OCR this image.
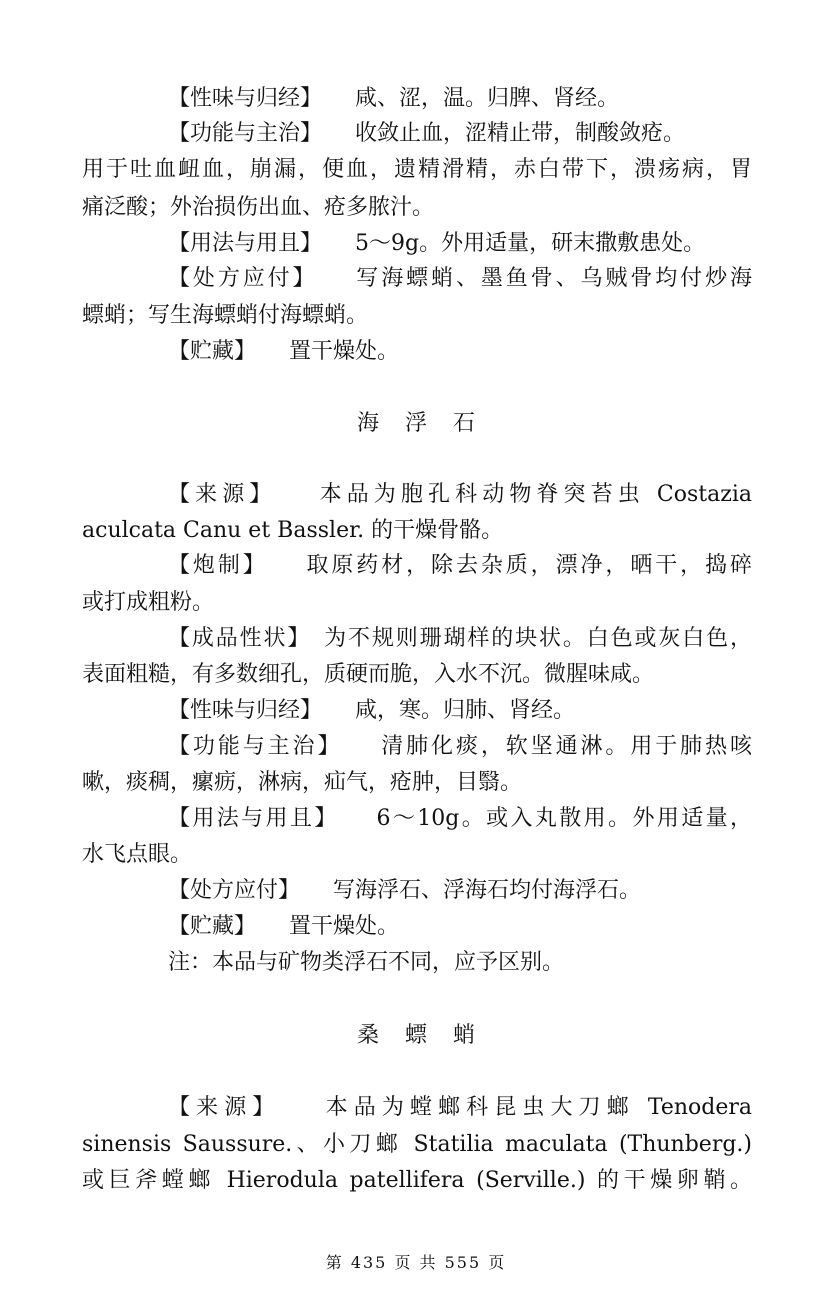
【性味与归经】　　咸、涩，温。归脾、肾经。
【功能与主治】　　收敛止血，涩精止带，制酸敛疮。
用于吐血衄血，崩漏，便血，遗精滑精，赤白带下，溃疡病，胃
痛泛酸；外治损伤出血、疮多脓汁。
【用法与用且】　　5～9g。外用适量，研末撒敷患处。
【处方应付】　　写海螵蛸、墨鱼骨、乌贼骨均付炒海
螵蛸；写生海螵蛸付海螵蛸。
【贮藏】　　置干燥处。
【来源】　　本品为胞孔科动物脊突苔虫 Costazia
aculcata Canu et Bassler. 的干燥骨骼。
【炮制】　　取原药材，除去杂质，漂净，晒干，捣碎
或打成粗粉。
【成品性状】　为不规则珊瑚样的块状。白色或灰白色，
表面粗糙，有多数细孔，质硬而脆，入水不沉。微腥味咸。
【性味与归经】　　咸，寒。归肺、肾经。
【功能与主治】　　清肺化痰，软坚通淋。用于肺热咳
嗽，痰稠，瘰疬，淋病，疝气，疮肿，目翳。
【用法与用且】　　6～10g。或入丸散用。外用适量，
水飞点眼。
【处方应付】　　写海浮石、浮海石均付海浮石。
【贮藏】　　置干燥处。
注：本品与矿物类浮石不同，应予区别。
【来源】　　本品为螳螂科昆虫大刀螂 Tenodera
sinensis Saussure.、小刀螂 Statilia maculata (Thunberg.)
或巨斧螳螂 Hierodula patellifera (Serville.) 的干燥卵鞘。
海浮石
桑螵蛸
第 435 页 共 555 页
